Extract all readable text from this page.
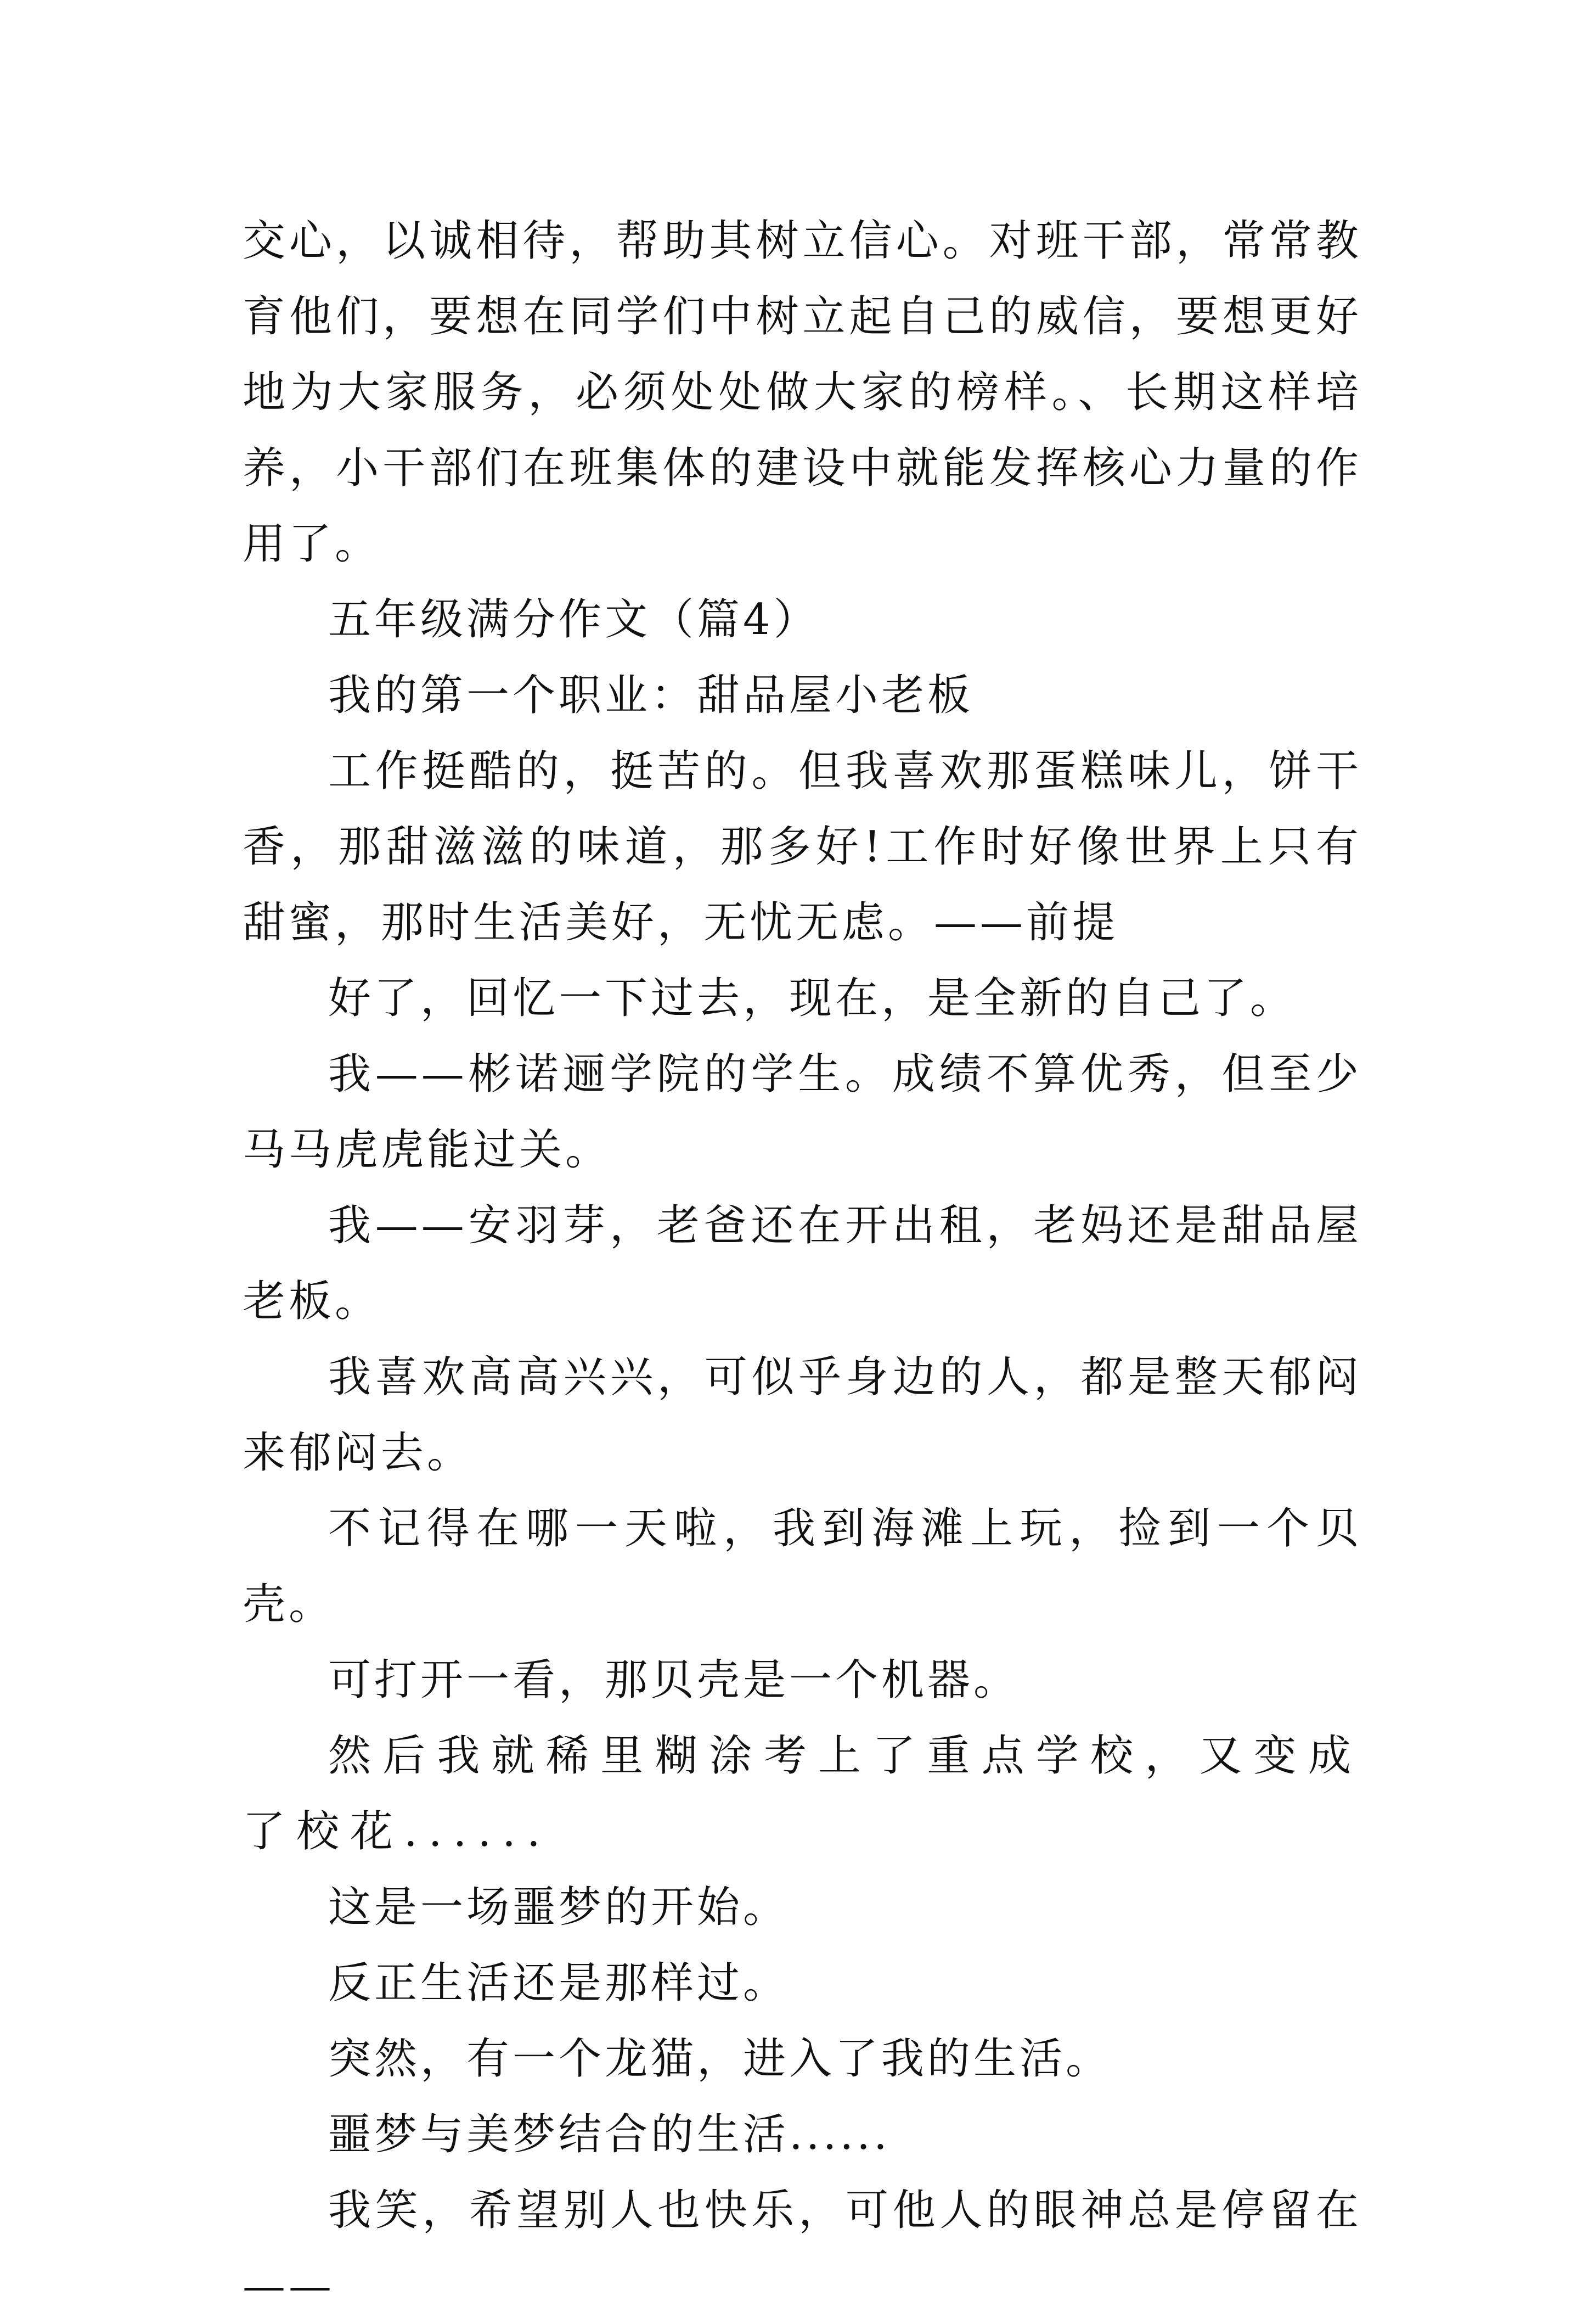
交心，以诚相待，帮助其树立信心。对班干部，常常教育他们，要想在同学们中树立起自己的威信，要想更好地为大家服务，必须处处做大家的榜样。、长期这样培养，小干部们在班集体的建设中就能发挥核心力量的作用了。

五年级满分作文（篇4）

我的第一个职业：甜品屋小老板

工作挺酷的，挺苦的。但我喜欢那蛋糕味儿，饼干香，那甜滋滋的味道，那多好!工作时好像世界上只有甜蜜，那时生活美好，无忧无虑。——前提

好了，回忆一下过去，现在，是全新的自己了。

我——彬诺逦学院的学生。成绩不算优秀，但至少马马虎虎能过关。

我——安羽芽，老爸还在开出租，老妈还是甜品屋老板。

我喜欢高高兴兴，可似乎身边的人，都是整天郁闷来郁闷去。

不记得在哪一天啦，我到海滩上玩，捡到一个贝壳。

可打开一看，那贝壳是一个机器。

然后我就稀里糊涂考上了重点学校，又变成了校花......

这是一场噩梦的开始。

反正生活还是那样过。

突然，有一个龙猫，进入了我的生活。

噩梦与美梦结合的生活......

我笑，希望别人也快乐，可他人的眼神总是停留在——
